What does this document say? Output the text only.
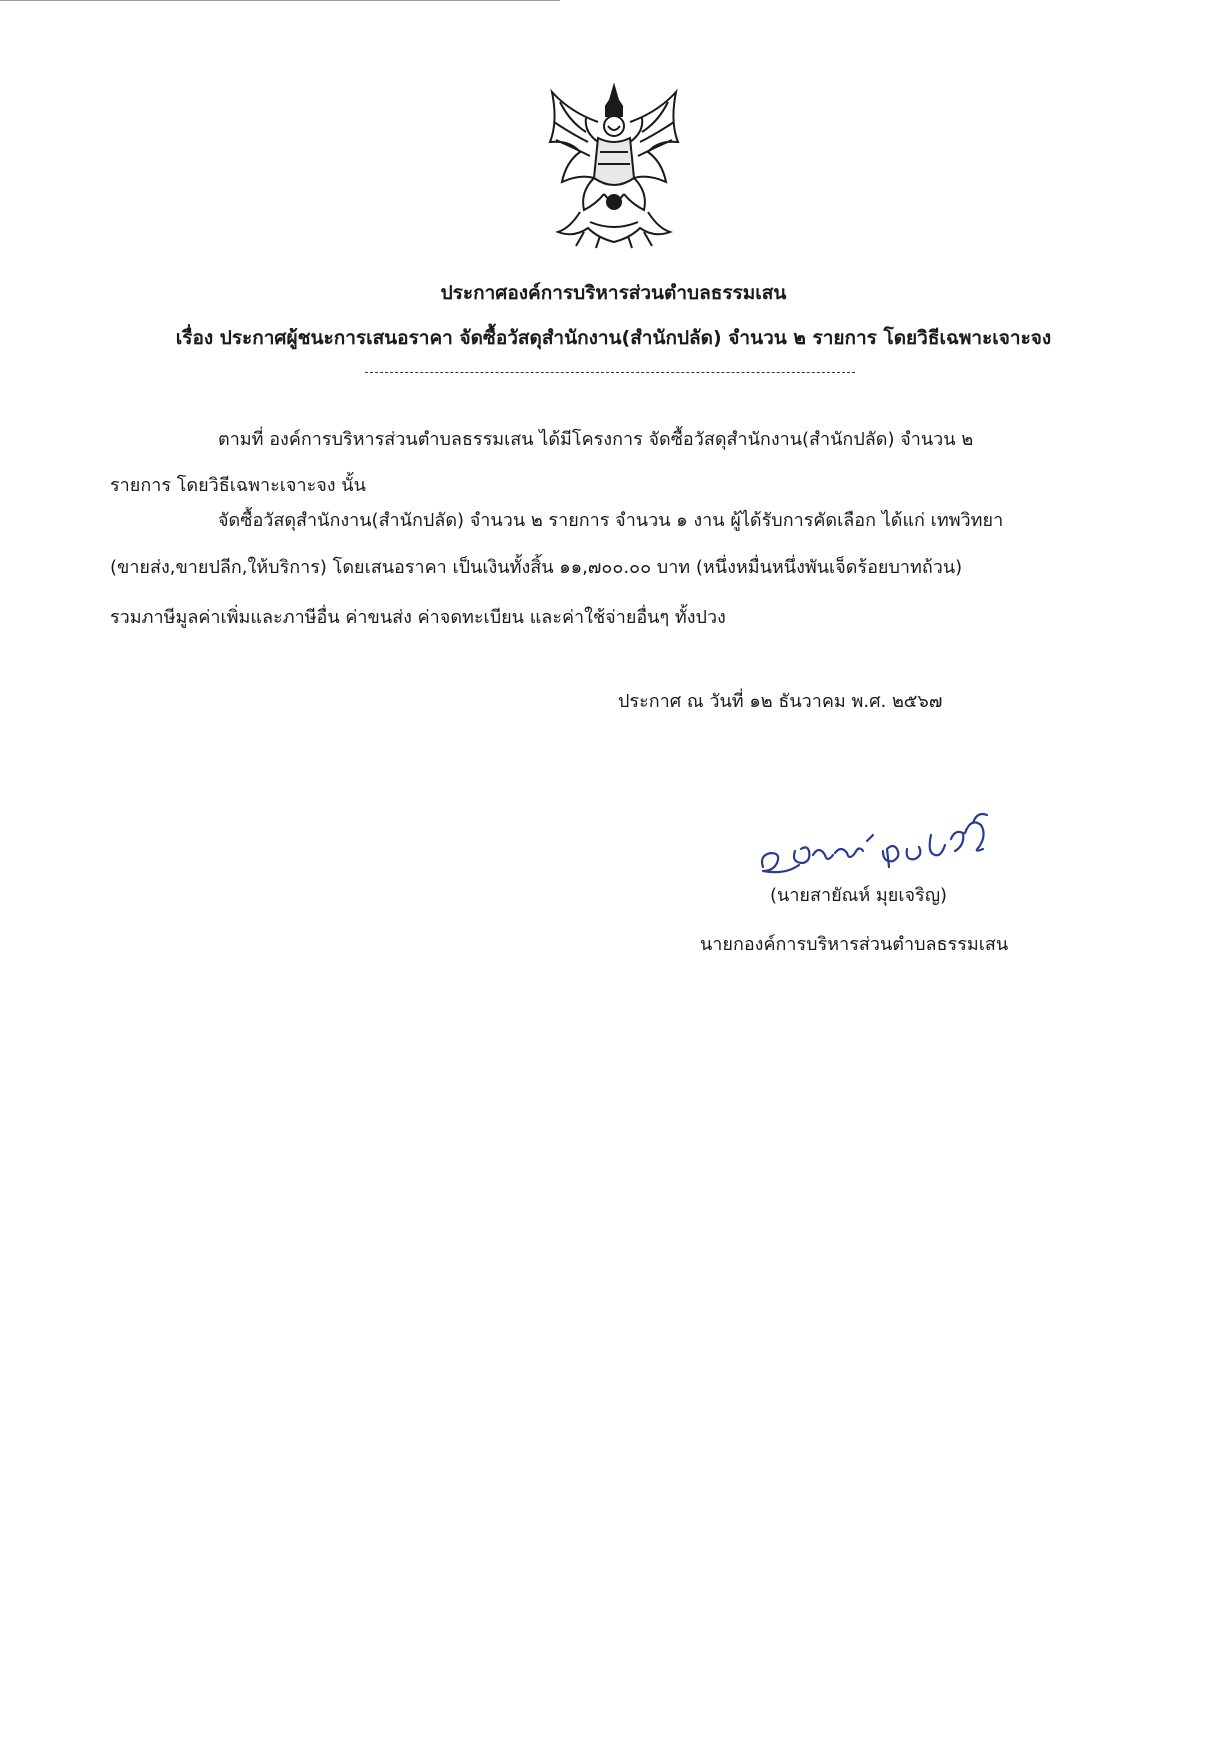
ประกาศองค์การบริหารส่วนตำบลธรรมเสน
เรื่อง ประกาศผู้ชนะการเสนอราคา จัดซื้อวัสดุสำนักงาน(สำนักปลัด) จำนวน ๒ รายการ โดยวิธีเฉพาะเจาะจง
ตามที่ องค์การบริหารส่วนตำบลธรรมเสน ได้มีโครงการ จัดซื้อวัสดุสำนักงาน(สำนักปลัด) จำนวน ๒
รายการ โดยวิธีเฉพาะเจาะจง นั้น
จัดซื้อวัสดุสำนักงาน(สำนักปลัด) จำนวน ๒ รายการ จำนวน ๑ งาน ผู้ได้รับการคัดเลือก ได้แก่ เทพวิทยา
(ขายส่ง,ขายปลีก,ให้บริการ) โดยเสนอราคา เป็นเงินทั้งสิ้น ๑๑,๗๐๐.๐๐ บาท (หนึ่งหมื่นหนึ่งพันเจ็ดร้อยบาทถ้วน)
รวมภาษีมูลค่าเพิ่มและภาษีอื่น ค่าขนส่ง ค่าจดทะเบียน และค่าใช้จ่ายอื่นๆ ทั้งปวง
ประกาศ ณ วันที่ ๑๒ ธันวาคม พ.ศ. ๒๕๖๗
(นายสายัณห์ มุยเจริญ)
นายกองค์การบริหารส่วนตำบลธรรมเสน
